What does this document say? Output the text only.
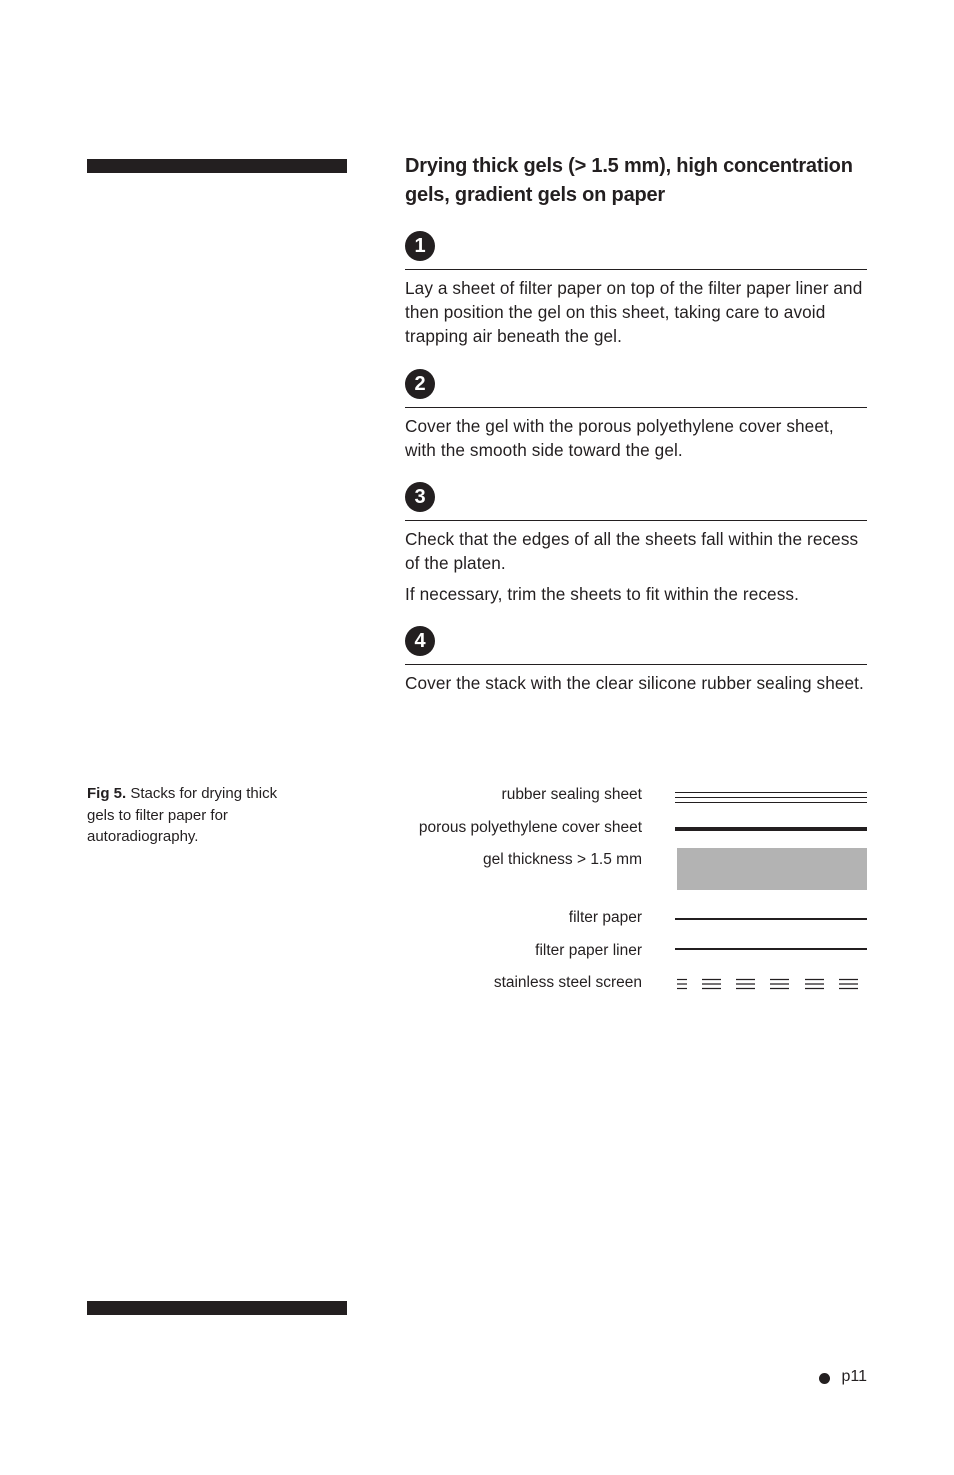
Drying thick gels (> 1.5 mm), high concentration gels, gradient gels on paper
1

Lay a sheet of filter paper on top of the filter paper liner and then position the gel on this sheet, taking care to avoid trapping air beneath the gel.

2

Cover the gel with the porous polyethylene cover sheet, with the smooth side toward the gel.

3

Check that the edges of all the sheets fall within the recess of the platen.

If necessary, trim the sheets to fit within the recess.

4

Cover the stack with the clear silicone rubber sealing sheet.

Fig 5. Stacks for drying thick gels to filter paper for autoradiography.

rubber sealing sheet
porous polyethylene cover sheet
gel thickness > 1.5 mm
filter paper
filter paper liner
stainless steel screen
p11
